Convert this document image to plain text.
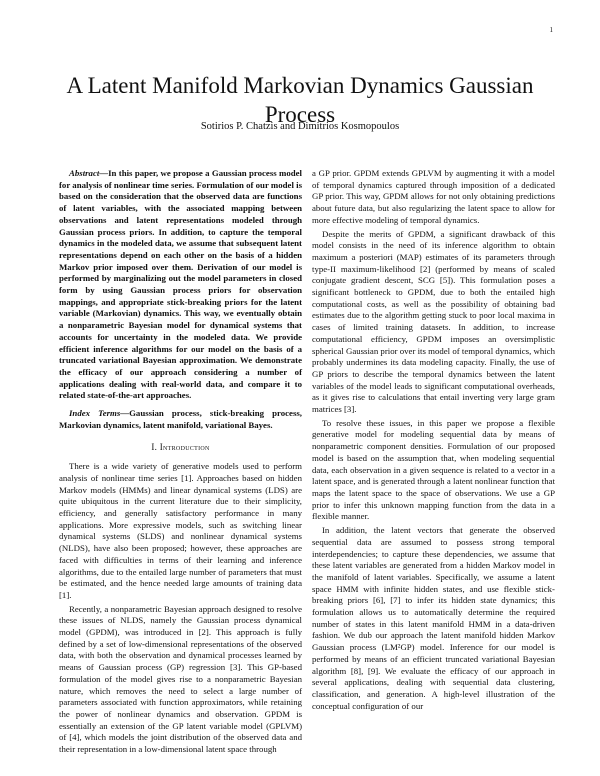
1
A Latent Manifold Markovian Dynamics Gaussian Process
Sotirios P. Chatzis and Dimitrios Kosmopoulos

Abstract—In this paper, we propose a Gaussian process model for analysis of nonlinear time series. Formulation of our model is based on the consideration that the observed data are functions of latent variables, with the associated mapping between observations and latent representations modeled through Gaussian process priors. In addition, to capture the temporal dynamics in the modeled data, we assume that subsequent latent representations depend on each other on the basis of a hidden Markov prior imposed over them. Derivation of our model is performed by marginalizing out the model parameters in closed form by using Gaussian process priors for observation mappings, and appropriate stick-breaking priors for the latent variable (Markovian) dynamics. This way, we eventually obtain a nonparametric Bayesian model for dynamical systems that accounts for uncertainty in the modeled data. We provide efficient inference algorithms for our model on the basis of a truncated variational Bayesian approximation. We demonstrate the efficacy of our approach considering a number of applications dealing with real-world data, and compare it to related state-of-the-art approaches.

Index Terms—Gaussian process, stick-breaking process, Markovian dynamics, latent manifold, variational Bayes.

I. Introduction

There is a wide variety of generative models used to perform analysis of nonlinear time series [1]. Approaches based on hidden Markov models (HMMs) and linear dynamical systems (LDS) are quite ubiquitous in the current literature due to their simplicity, efficiency, and generally satisfactory performance in many applications. More expressive models, such as switching linear dynamical systems (SLDS) and nonlinear dynamical systems (NLDS), have also been proposed; however, these approaches are faced with difficulties in terms of their learning and inference algorithms, due to the entailed large number of parameters that must be estimated, and the hence needed large amounts of training data [1].

Recently, a nonparametric Bayesian approach designed to resolve these issues of NLDS, namely the Gaussian process dynamical model (GPDM), was introduced in [2]. This approach is fully defined by a set of low-dimensional representations of the observed data, with both the observation and dynamical processes learned by means of Gaussian process (GP) regression [3]. This GP-based formulation of the model gives rise to a nonparametric Bayesian nature, which removes the need to select a large number of parameters associated with function approximators, while retaining the power of nonlinear dynamics and observation. GPDM is essentially an extension of the GP latent variable model (GPLVM) of [4], which models the joint distribution of the observed data and their representation in a low-dimensional latent space through

a GP prior. GPDM extends GPLVM by augmenting it with a model of temporal dynamics captured through imposition of a dedicated GP prior. This way, GPDM allows for not only obtaining predictions about future data, but also regularizing the latent space to allow for more effective modeling of temporal dynamics.

Despite the merits of GPDM, a significant drawback of this model consists in the need of its inference algorithm to obtain maximum a posteriori (MAP) estimates of its parameters through type-II maximum-likelihood [2] (performed by means of scaled conjugate gradient descent, SCG [5]). This formulation poses a significant bottleneck to GPDM, due to both the entailed high computational costs, as well as the possibility of obtaining bad estimates due to the algorithm getting stuck to poor local maxima in cases of limited training datasets. In addition, to increase computational efficiency, GPDM imposes an oversimplistic spherical Gaussian prior over its model of temporal dynamics, which probably undermines its data modeling capacity. Finally, the use of GP priors to describe the temporal dynamics between the latent variables of the model leads to significant computational overheads, as it gives rise to calculations that entail inverting very large gram matrices [3].

To resolve these issues, in this paper we propose a flexible generative model for modeling sequential data by means of nonparametric component densities. Formulation of our proposed model is based on the assumption that, when modeling sequential data, each observation in a given sequence is related to a vector in a latent space, and is generated through a latent nonlinear function that maps the latent space to the space of observations. We use a GP prior to infer this unknown mapping function from the data in a flexible manner.

In addition, the latent vectors that generate the observed sequential data are assumed to possess strong temporal interdependencies; to capture these dependencies, we assume that these latent variables are generated from a hidden Markov model in the manifold of latent variables. Specifically, we assume a latent space HMM with infinite hidden states, and use flexible stick-breaking priors [6], [7] to infer its hidden state dynamics; this formulation allows us to automatically determine the required number of states in this latent manifold HMM in a data-driven fashion. We dub our approach the latent manifold hidden Markov Gaussian process (LM²GP) model. Inference for our model is performed by means of an efficient truncated variational Bayesian algorithm [8], [9]. We evaluate the efficacy of our approach in several applications, dealing with sequential data clustering, classification, and generation. A high-level illustration of the conceptual configuration of our
